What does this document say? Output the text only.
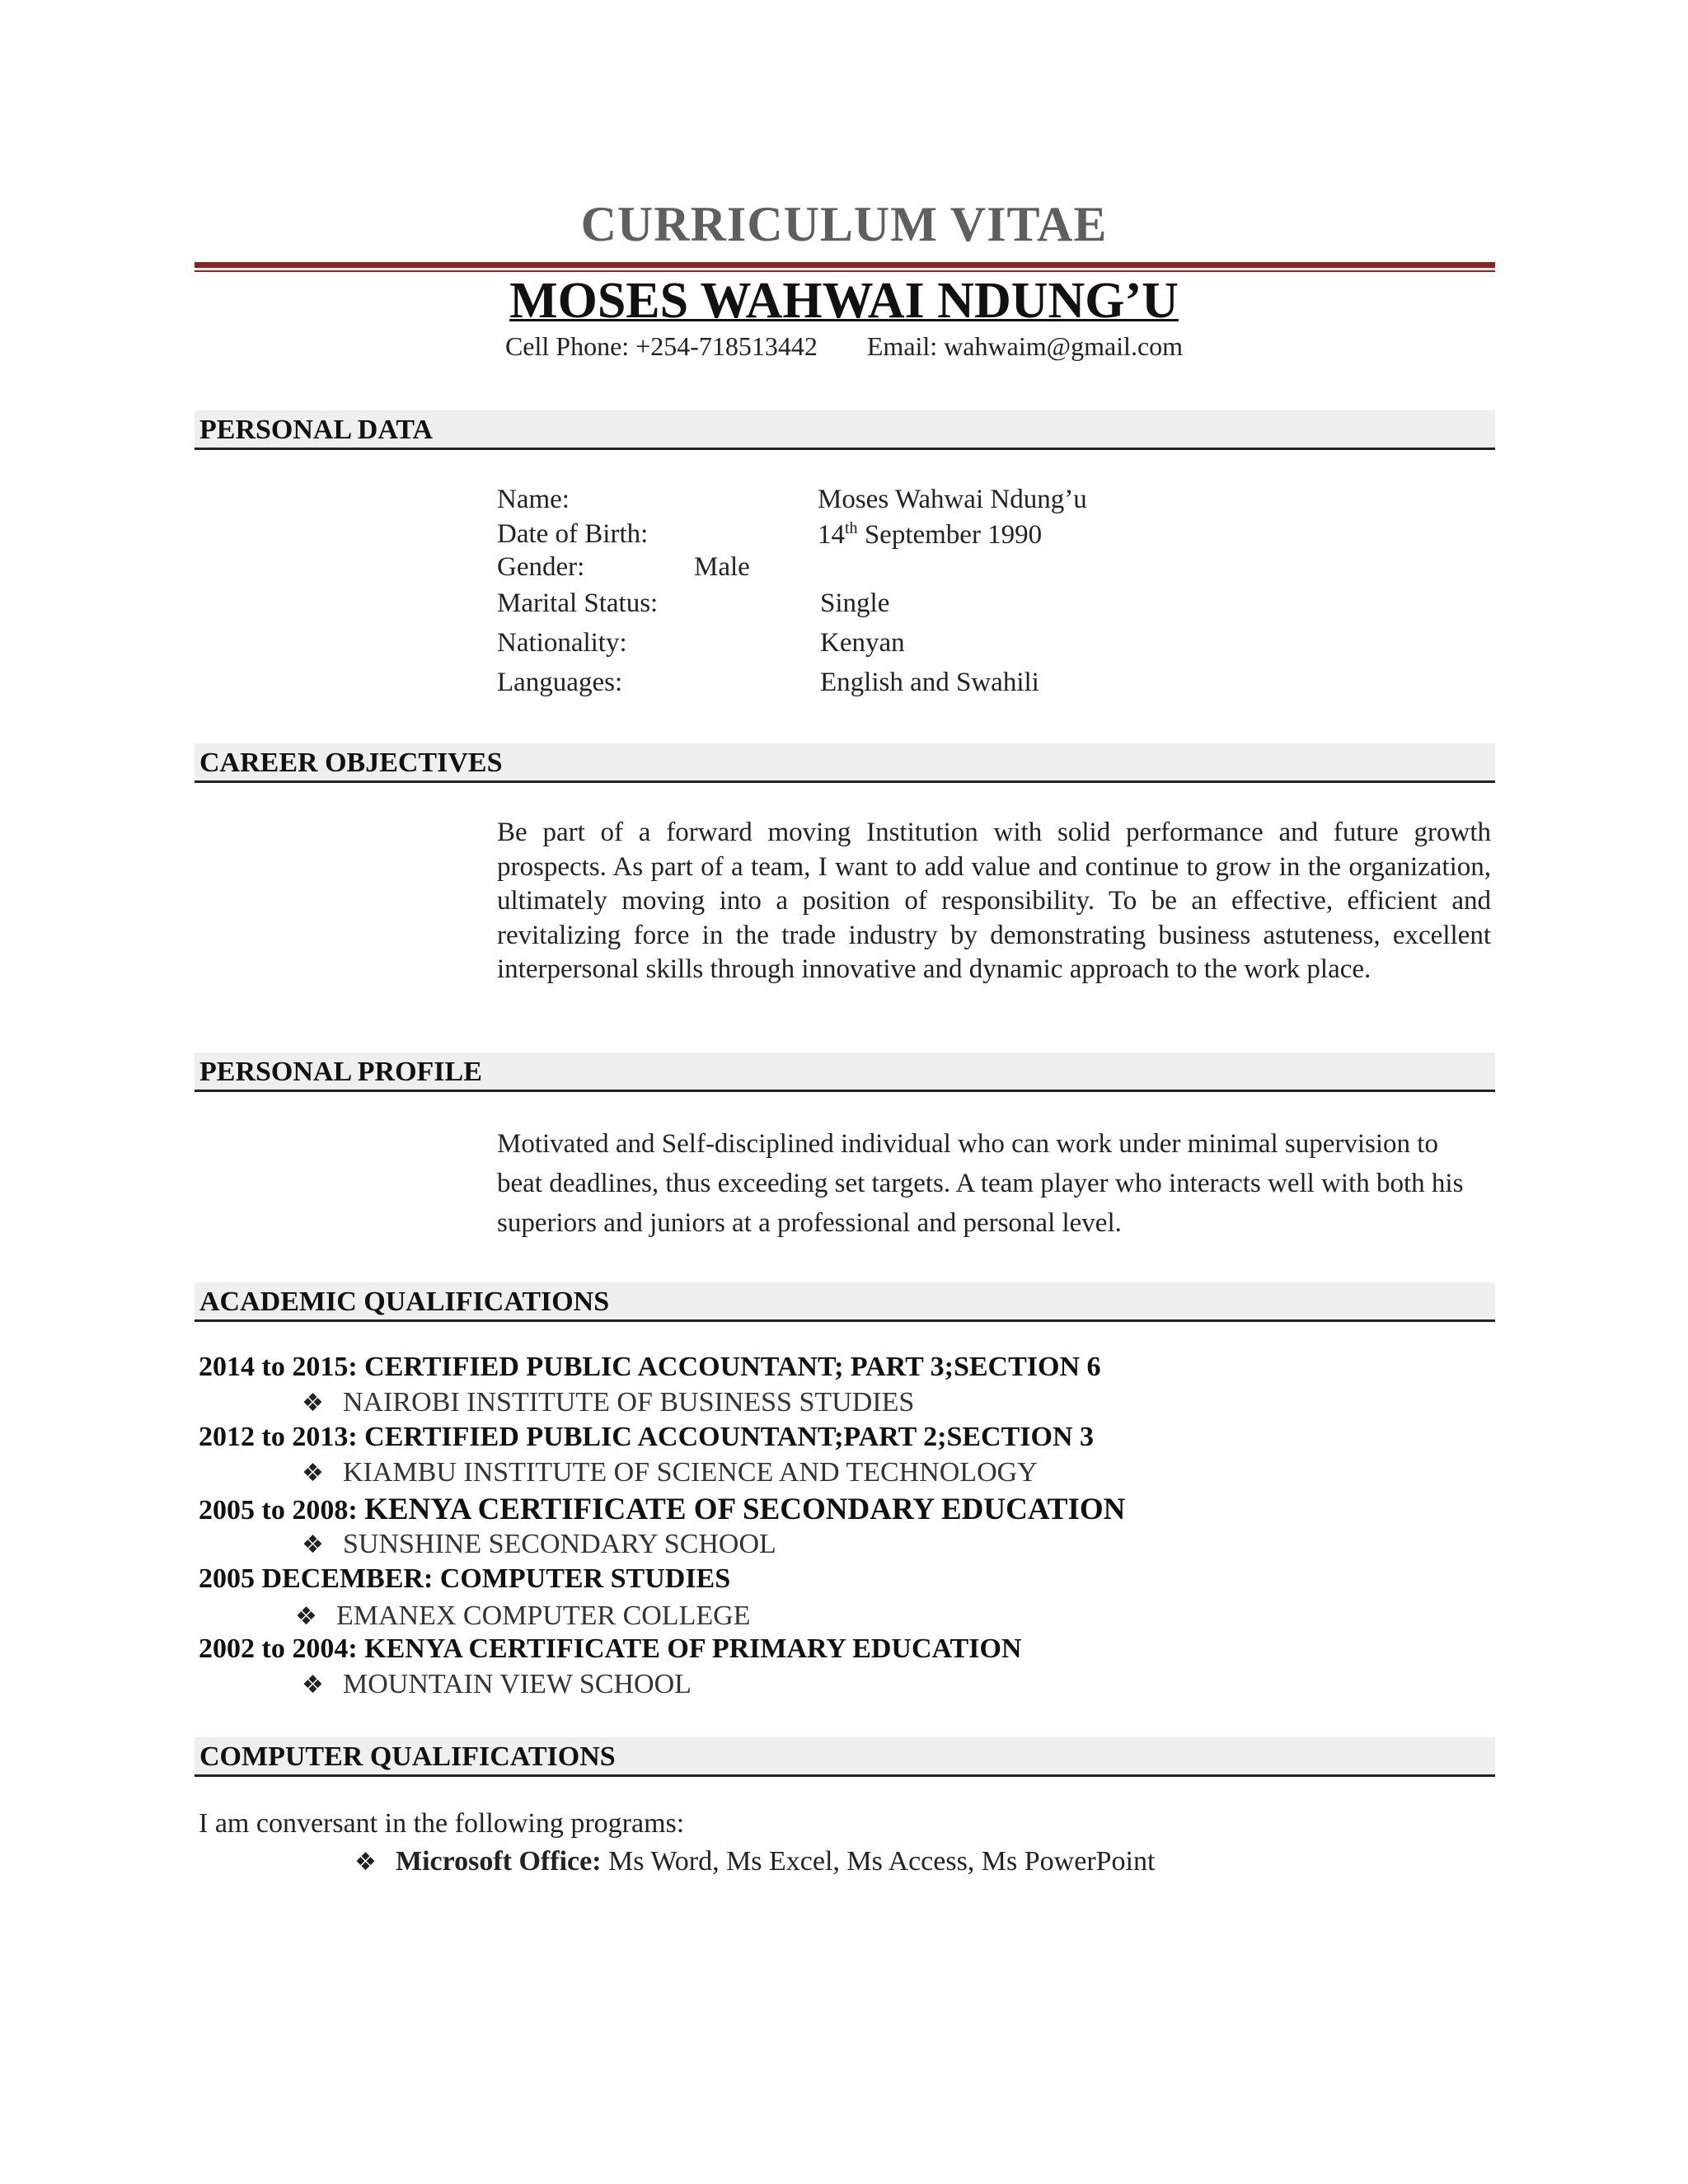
CURRICULUM VITAE
MOSES WAHWAI NDUNG’U
Cell Phone: +254-718513442 Email: wahwaim@gmail.com
PERSONAL DATA
Name:	Moses Wahwai Ndung’u
Date of Birth:	14th September 1990
Gender:	Male
Marital Status:	Single
Nationality:	Kenyan
Languages:	English and Swahili
CAREER OBJECTIVES
Be part of a forward moving Institution with solid performance and future growth prospects. As part of a team, I want to add value and continue to grow in the organization, ultimately moving into a position of responsibility. To be an effective, efficient and revitalizing force in the trade industry by demonstrating business astuteness, excellent interpersonal skills through innovative and dynamic approach to the work place.
PERSONAL PROFILE
Motivated and Self-disciplined individual who can work under minimal supervision to beat deadlines, thus exceeding set targets. A team player who interacts well with both his superiors and juniors at a professional and personal level.
ACADEMIC QUALIFICATIONS
2014 to 2015: CERTIFIED PUBLIC ACCOUNTANT; PART 3;SECTION 6
❖ NAIROBI INSTITUTE OF BUSINESS STUDIES
2012 to 2013: CERTIFIED PUBLIC ACCOUNTANT;PART 2;SECTION 3
❖ KIAMBU INSTITUTE OF SCIENCE AND TECHNOLOGY
2005 to 2008: KENYA CERTIFICATE OF SECONDARY EDUCATION
❖ SUNSHINE SECONDARY SCHOOL
2005 DECEMBER: COMPUTER STUDIES
❖ EMANEX COMPUTER COLLEGE
2002 to 2004: KENYA CERTIFICATE OF PRIMARY EDUCATION
❖ MOUNTAIN VIEW SCHOOL
COMPUTER QUALIFICATIONS
I am conversant in the following programs:
❖ Microsoft Office: Ms Word, Ms Excel, Ms Access, Ms PowerPoint
